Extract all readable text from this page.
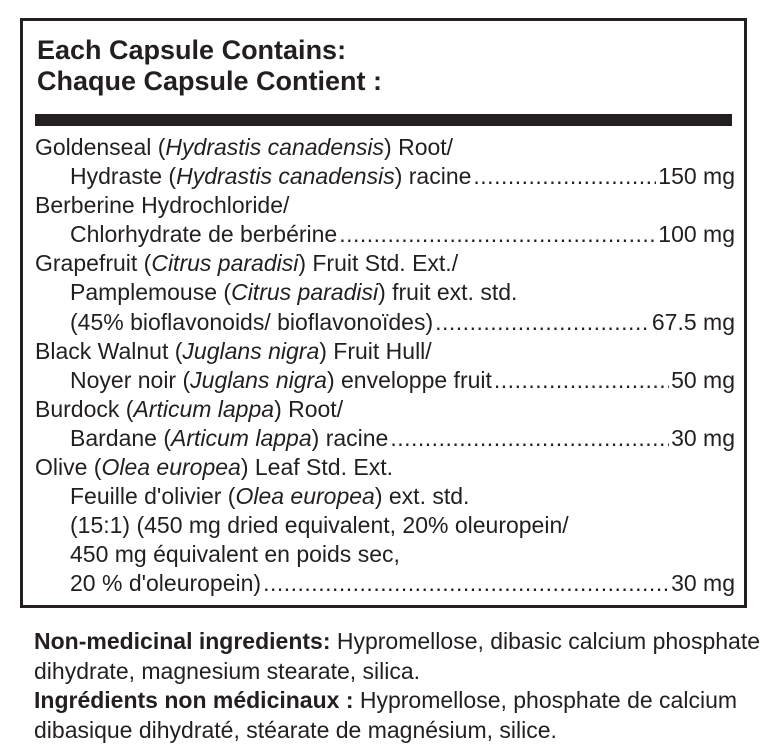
Each Capsule Contains:
Chaque Capsule Contient :
Goldenseal (Hydrastis canadensis) Root/
Hydraste (Hydrastis canadensis) racine .....	150 mg
Berberine Hydrochloride/
Chlorhydrate de berbérine .....	100 mg
Grapefruit (Citrus paradisi) Fruit Std. Ext./
Pamplemouse (Citrus paradisi) fruit ext. std.
(45% bioflavonoids/ bioflavonoïdes) .....	67.5 mg
Black Walnut (Juglans nigra) Fruit Hull/
Noyer noir (Juglans nigra) enveloppe fruit .....	50 mg
Burdock (Articum lappa) Root/
Bardane (Articum lappa) racine .....	30 mg
Olive (Olea europea) Leaf Std. Ext.
Feuille d'olivier (Olea europea) ext. std.
(15:1) (450 mg dried equivalent, 20% oleuropein/
450 mg équivalent en poids sec,
20 % d'oleuropein) .....	30 mg

Non-medicinal ingredients: Hypromellose, dibasic calcium phosphate dihydrate, magnesium stearate, silica.

Ingrédients non médicinaux : Hypromellose, phosphate de calcium dibasique dihydraté, stéarate de magnésium, silice.
